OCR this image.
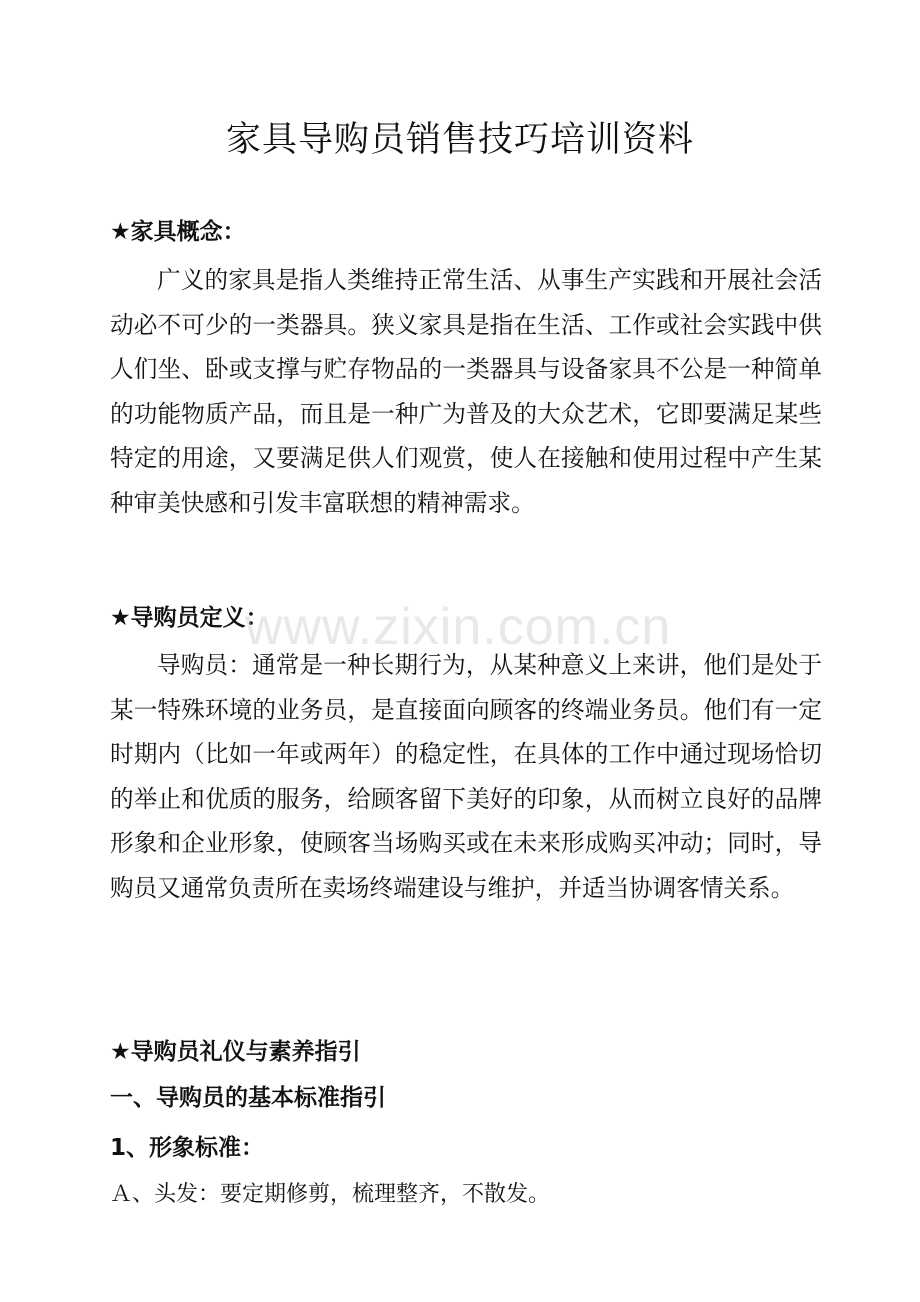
家具导购员销售技巧培训资料
★家具概念：
广义的家具是指人类维持正常生活、从事生产实践和开展社会活动必不可少的一类器具。狭义家具是指在生活、工作或社会实践中供人们坐、卧或支撑与贮存物品的一类器具与设备家具不公是一种简单的功能物质产品，而且是一种广为普及的大众艺术，它即要满足某些特定的用途，又要满足供人们观赏，使人在接触和使用过程中产生某种审美快感和引发丰富联想的精神需求。
★导购员定义：
导购员：通常是一种长期行为，从某种意义上来讲，他们是处于某一特殊环境的业务员，是直接面向顾客的终端业务员。他们有一定时期内（比如一年或两年）的稳定性，在具体的工作中通过现场恰切的举止和优质的服务，给顾客留下美好的印象，从而树立良好的品牌形象和企业形象，使顾客当场购买或在未来形成购买冲动；同时，导购员又通常负责所在卖场终端建设与维护，并适当协调客情关系。
★导购员礼仪与素养指引
一、导购员的基本标准指引
1、形象标准：
Ａ、头发：要定期修剪，梳理整齐，不散发。
www.zixin.com.cn
